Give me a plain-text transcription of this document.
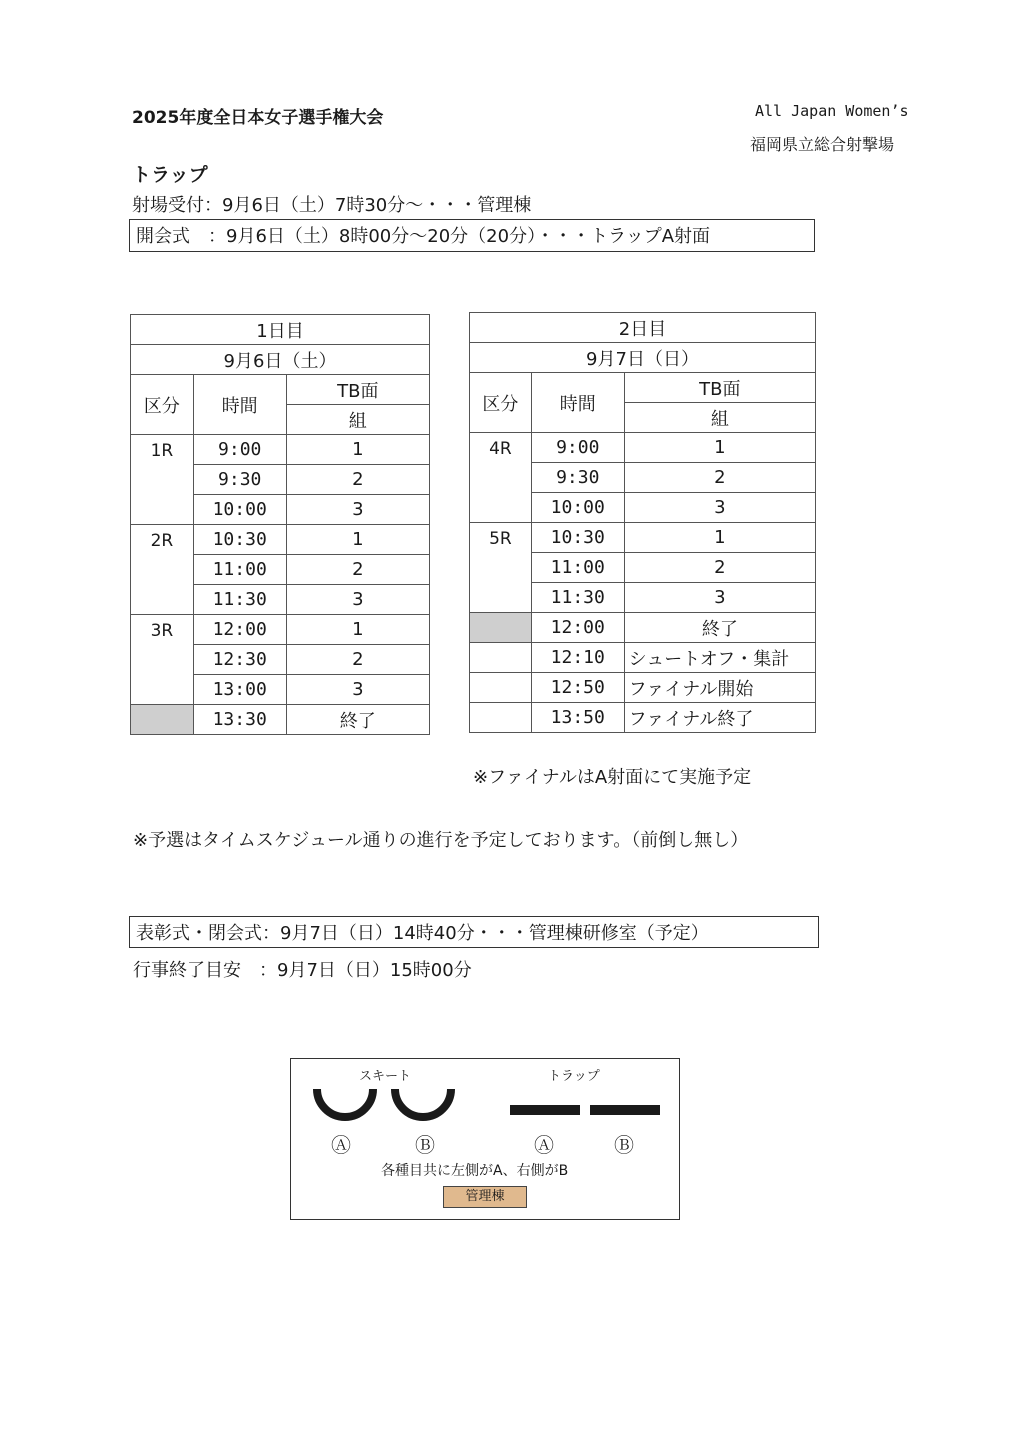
2025年度全日本女子選手権大会	All Japan Women’s
福岡県立総合射撃場
トラップ
射場受付：9月6日（土）7時30分～・・・管理棟
開会式　：9月6日（土）8時00分～20分（20分）・・・トラップA射面
1日目		
9月6日（土）		
区分	時間	TB面
		組
1R	9:00	1
	9:30	2
	10:00	3
2R	10:30	1
	11:00	2
	11:30	3
3R	12:00	1
	12:30	2
	13:00	3
	13:30	終了
2日目		
9月7日（日）		
区分	時間	TB面
		組
4R	9:00	1
	9:30	2
	10:00	3
5R	10:30	1
	11:00	2
	11:30	3
	12:00	終了
	12:10	シュートオフ・集計
	12:50	ファイナル開始
	13:50	ファイナル終了
※ファイナルはA射面にて実施予定
※予選はタイムスケジュール通りの進行を予定しております。（前倒し無し）
表彰式・閉会式：9月7日（日）14時40分・・・管理棟研修室（予定）
行事終了目安　：9月7日（日）15時00分
スキート	トラップ
Ⓐ	Ⓑ	Ⓐ	Ⓑ
各種目共に左側がA、右側がB
管理棟
